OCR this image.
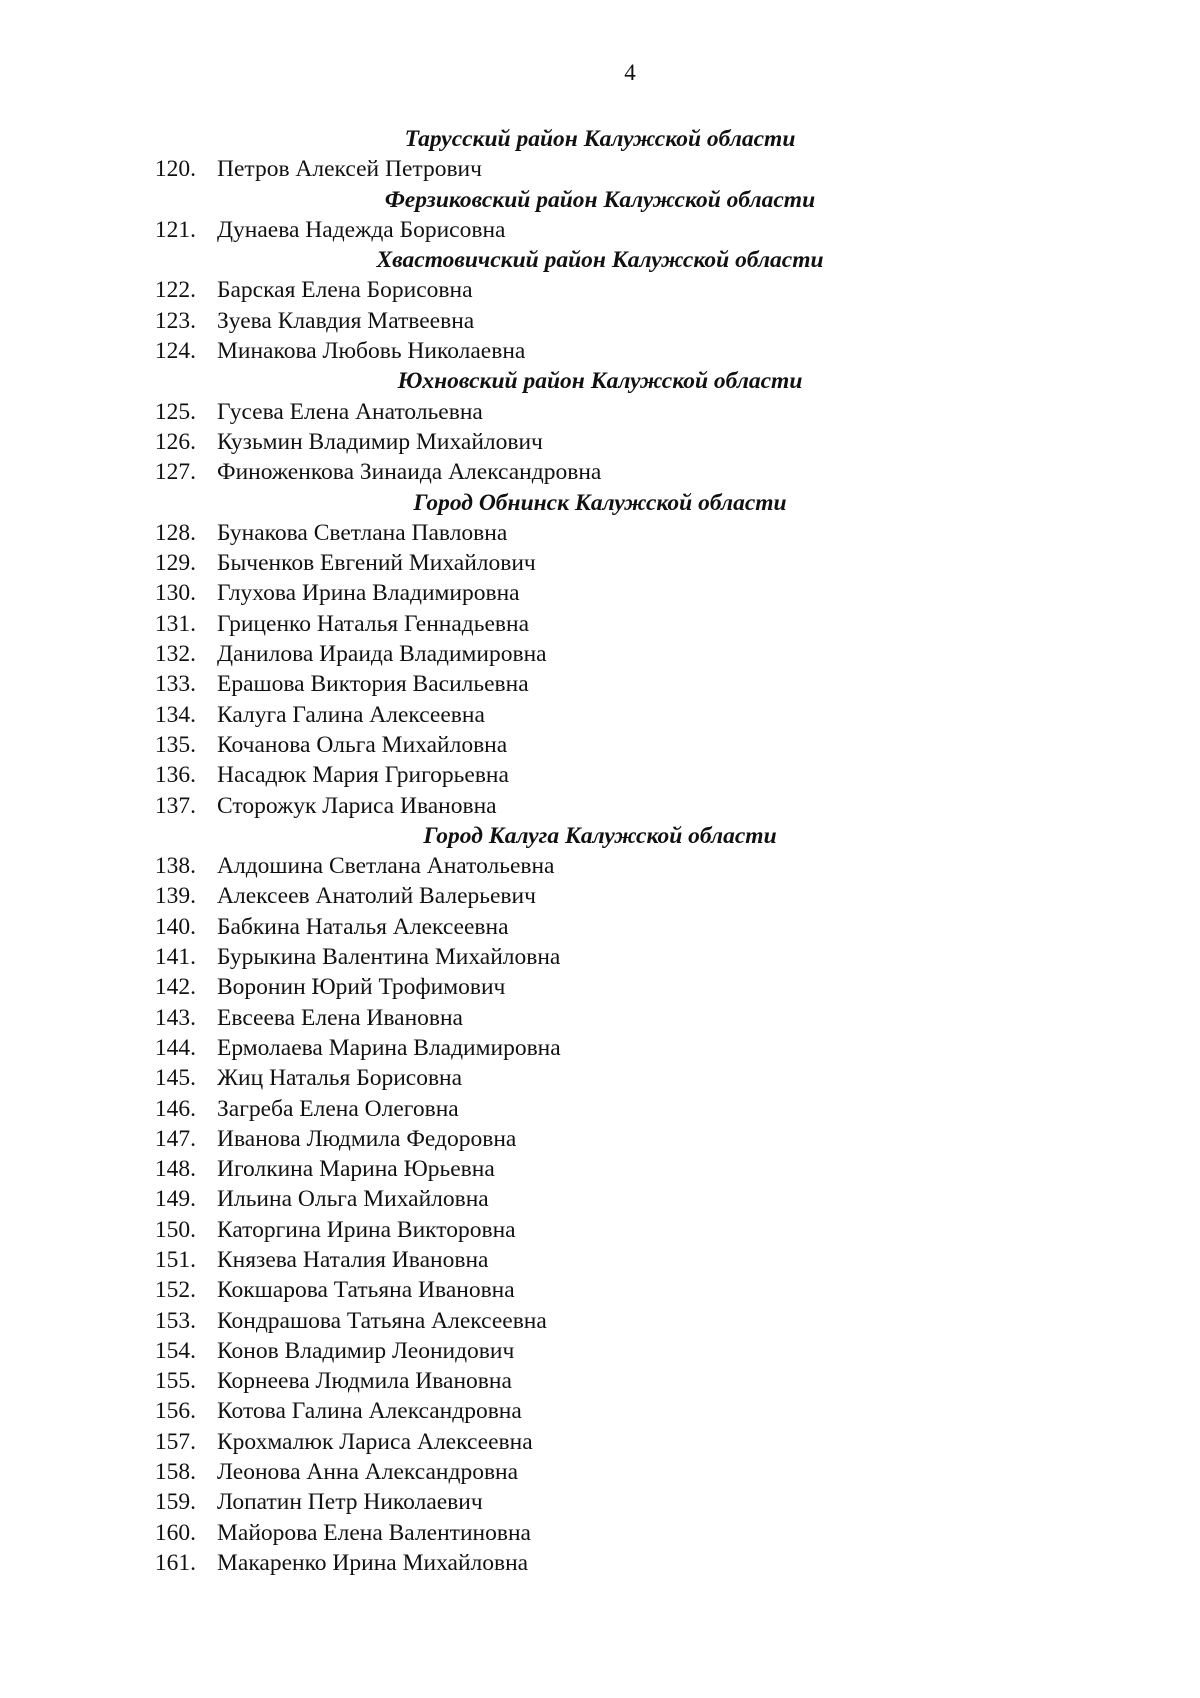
4
Тарусский район Калужской области
120. Петров Алексей Петрович
Ферзиковский район Калужской области
121. Дунаева Надежда Борисовна
Хвастовичский район Калужской области
122. Барская Елена Борисовна
123. Зуева Клавдия Матвеевна
124. Минакова Любовь Николаевна
Юхновский район Калужской области
125. Гусева Елена Анатольевна
126. Кузьмин Владимир Михайлович
127. Финоженкова Зинаида Александровна
Город Обнинск Калужской области
128. Бунакова Светлана Павловна
129. Быченков Евгений Михайлович
130. Глухова Ирина Владимировна
131. Гриценко Наталья Геннадьевна
132. Данилова Ираида Владимировна
133. Ерашова Виктория Васильевна
134. Калуга Галина Алексеевна
135. Кочанова Ольга Михайловна
136. Насадюк Мария Григорьевна
137. Сторожук Лариса Ивановна
Город Калуга Калужской области
138. Алдошина Светлана Анатольевна
139. Алексеев Анатолий Валерьевич
140. Бабкина Наталья Алексеевна
141. Бурыкина Валентина Михайловна
142. Воронин Юрий Трофимович
143. Евсеева Елена Ивановна
144. Ермолаева Марина Владимировна
145. Жиц Наталья Борисовна
146. Загреба Елена Олеговна
147. Иванова Людмила Федоровна
148. Иголкина Марина Юрьевна
149. Ильина Ольга Михайловна
150. Каторгина Ирина Викторовна
151. Князева Наталия Ивановна
152. Кокшарова Татьяна Ивановна
153. Кондрашова Татьяна Алексеевна
154. Конов Владимир Леонидович
155. Корнеева Людмила Ивановна
156. Котова Галина Александровна
157. Крохмалюк Лариса Алексеевна
158. Леонова Анна Александровна
159. Лопатин Петр Николаевич
160. Майорова Елена Валентиновна
161. Макаренко Ирина Михайловна
